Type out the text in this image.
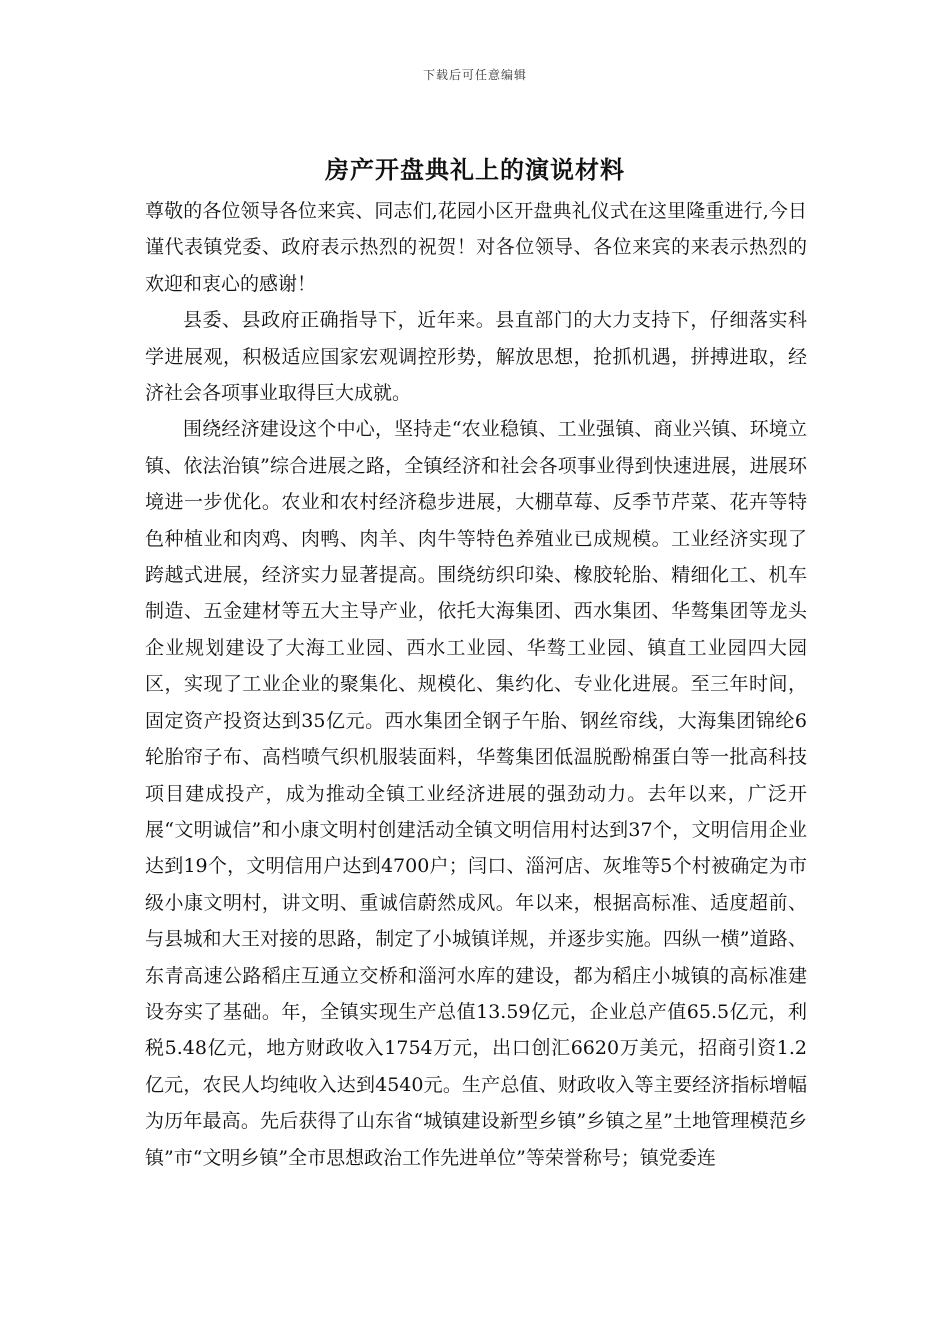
下载后可任意编辑
房产开盘典礼上的演说材料

尊敬的各位领导各位来宾、同志们,花园小区开盘典礼仪式在这里隆重进行,今日谨代表镇党委、政府表示热烈的祝贺！对各位领导、各位来宾的来表示热烈的欢迎和衷心的感谢！

县委、县政府正确指导下，近年来。县直部门的大力支持下，仔细落实科学进展观，积极适应国家宏观调控形势，解放思想，抢抓机遇，拼搏进取，经济社会各项事业取得巨大成就。

围绕经济建设这个中心，坚持走“农业稳镇、工业强镇、商业兴镇、环境立镇、依法治镇”综合进展之路，全镇经济和社会各项事业得到快速进展，进展环境进一步优化。农业和农村经济稳步进展，大棚草莓、反季节芹菜、花卉等特色种植业和肉鸡、肉鸭、肉羊、肉牛等特色养殖业已成规模。工业经济实现了跨越式进展，经济实力显著提高。围绕纺织印染、橡胶轮胎、精细化工、机车制造、五金建材等五大主导产业，依托大海集团、西水集团、华骜集团等龙头企业规划建设了大海工业园、西水工业园、华骜工业园、镇直工业园四大园区，实现了工业企业的聚集化、规模化、集约化、专业化进展。至三年时间，固定资产投资达到35亿元。西水集团全钢子午胎、钢丝帘线，大海集团锦纶6轮胎帘子布、高档喷气织机服装面料，华骜集团低温脱酚棉蛋白等一批高科技项目建成投产，成为推动全镇工业经济进展的强劲动力。去年以来，广泛开展“文明诚信”和小康文明村创建活动全镇文明信用村达到37个，文明信用企业达到19个，文明信用户达到4700户；闫口、淄河店、灰堆等5个村被确定为市级小康文明村，讲文明、重诚信蔚然成风。年以来，根据高标准、适度超前、与县城和大王对接的思路，制定了小城镇详规，并逐步实施。四纵一横”道路、东青高速公路稻庄互通立交桥和淄河水库的建设，都为稻庄小城镇的高标准建设夯实了基础。年，全镇实现生产总值13.59亿元，企业总产值65.5亿元，利税5.48亿元，地方财政收入1754万元，出口创汇6620万美元，招商引资1.2亿元，农民人均纯收入达到4540元。生产总值、财政收入等主要经济指标增幅为历年最高。先后获得了山东省“城镇建设新型乡镇”乡镇之星”土地管理模范乡镇”市“文明乡镇”全市思想政治工作先进单位”等荣誉称号；镇党委连
